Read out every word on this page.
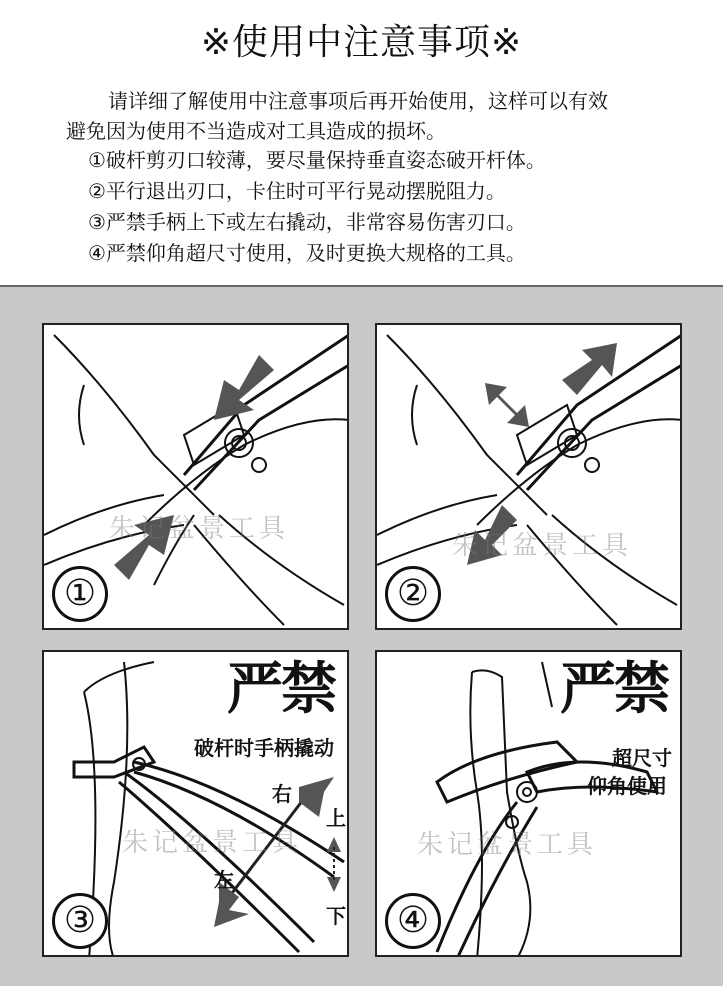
※使用中注意事项※
请详细了解使用中注意事项后再开始使用，这样可以有效
避免因为使用不当造成对工具造成的损坏。
①破杆剪刃口较薄，要尽量保持垂直姿态破开杆体。
②平行退出刃口，卡住时可平行晃动摆脱阻力。
③严禁手柄上下或左右撬动，非常容易伤害刃口。
④严禁仰角超尺寸使用，及时更换大规格的工具。
朱记盆景工具
①
朱记盆景工具
②
严禁
破杆时手柄撬动
右
左
上
下
朱记盆景工具
③
严禁
超尺寸
仰角使用
朱记盆景工具
④
